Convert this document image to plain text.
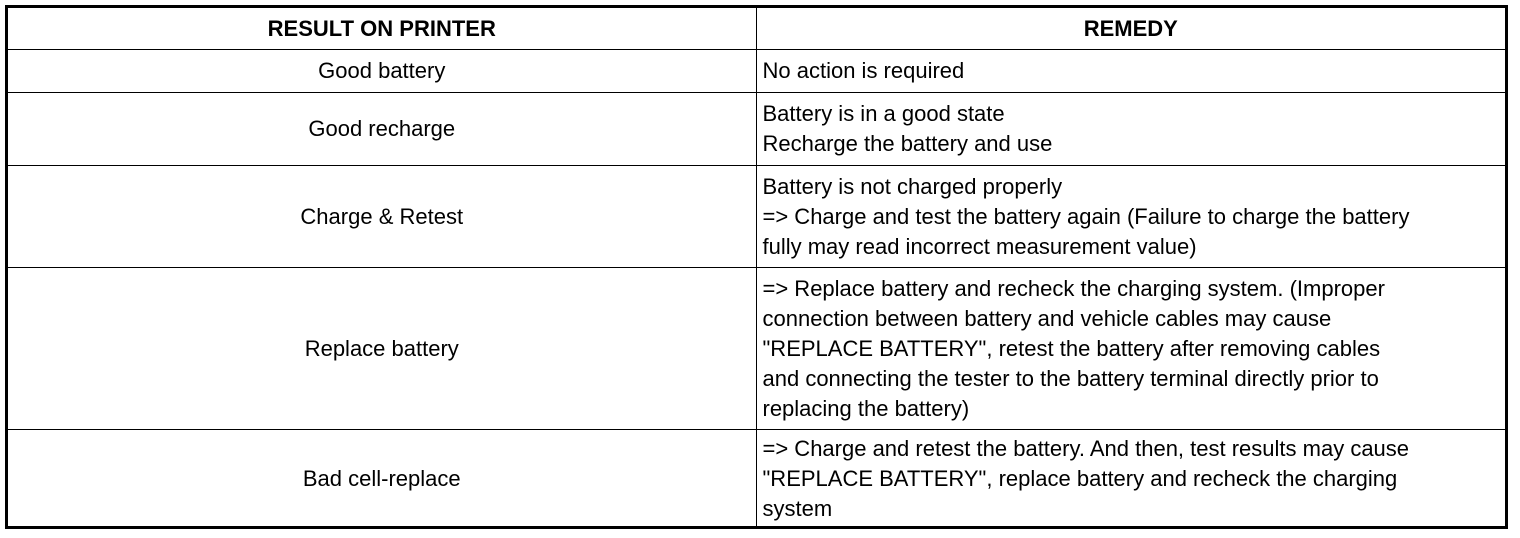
RESULT ON PRINTER	REMEDY
Good battery	No action is required

Good recharge	Battery is in a good state
Recharge the battery and use

Charge & Retest	Battery is not charged properly
=> Charge and test the battery again (Failure to charge the battery
fully may read incorrect measurement value)

Replace battery	=> Replace battery and recheck the charging system. (Improper
connection between battery and vehicle cables may cause
"REPLACE BATTERY", retest the battery after removing cables
and connecting the tester to the battery terminal directly prior to
replacing the battery)

Bad cell-replace	=> Charge and retest the battery. And then, test results may cause
"REPLACE BATTERY", replace battery and recheck the charging
system
